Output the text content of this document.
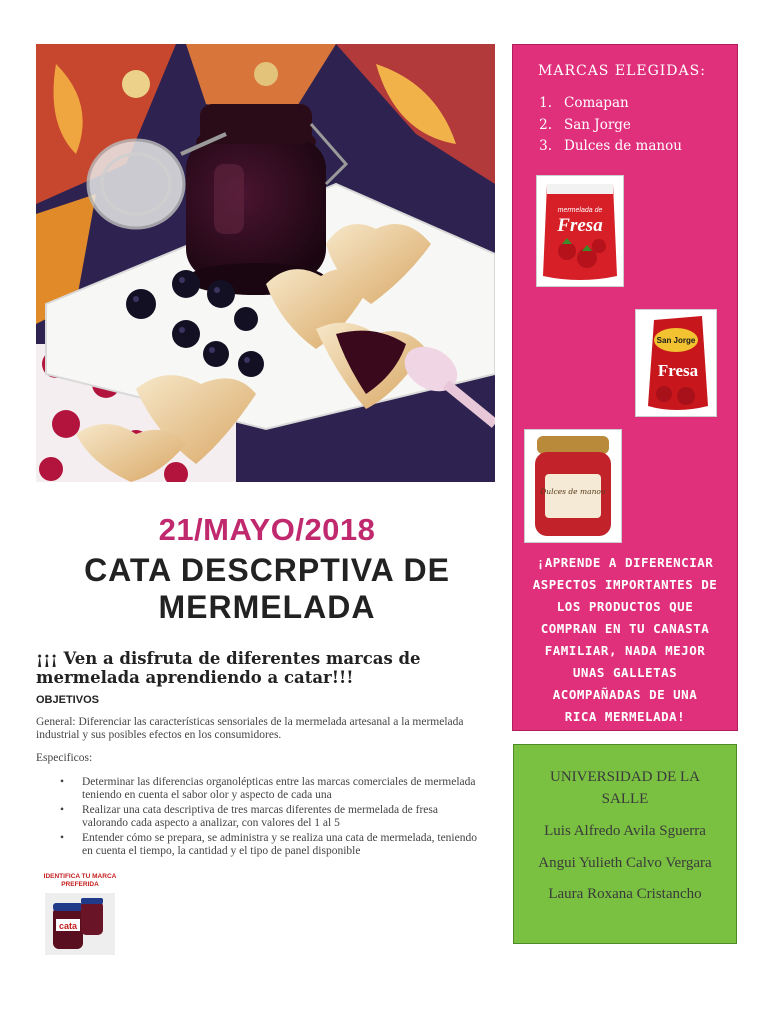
21/MAYO/2018
CATA DESCRPTIVA DE
MERMELADA
¡¡¡ Ven a disfruta de diferentes marcas de mermelada aprendiendo a catar!!!
OBJETIVOS
General: Diferenciar las características sensoriales de la mermelada artesanal a la mermelada industrial y sus posibles efectos en los consumidores.
Especificos:
• Determinar las diferencias organolépticas entre las marcas comerciales de mermelada teniendo en cuenta el sabor olor y aspecto de cada una
• Realizar una cata descriptiva de tres marcas diferentes de mermelada de fresa valorando cada aspecto a analizar, con valores del 1 al 5
• Entender cómo se prepara, se administra y se realiza una cata de mermelada, teniendo en cuenta el tiempo, la cantidad y el tipo de panel disponible
IDENTIFICA TU MARCA PREFERIDA
cata
MARCAS ELEGIDAS:
1. Comapan
2. San Jorge
3. Dulces de manou
mermelada de
Fresa
San Jorge
Fresa
Dulces de manou
¡APRENDE A DIFERENCIAR
ASPECTOS IMPORTANTES DE
LOS PRODUCTOS QUE
COMPRAN EN TU CANASTA
FAMILIAR, NADA MEJOR
UNAS GALLETAS
ACOMPAÑADAS DE UNA
RICA MERMELADA!
UNIVERSIDAD DE LA
SALLE
Luis Alfredo Avila Sguerra
Angui Yulieth Calvo Vergara
Laura Roxana Cristancho
